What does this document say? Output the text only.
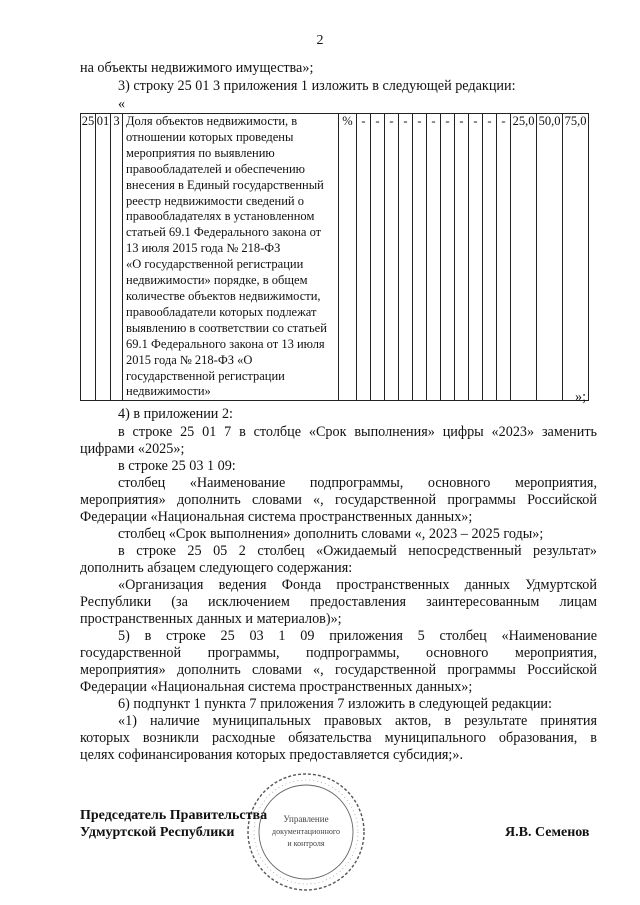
2
на объекты недвижимого имущества»;
3) строку 25 01 3 приложения 1 изложить в следующей редакции:
«
25	01	3	Доля объектов недвижимости, в
отношении которых проведены
мероприятия по выявлению
правообладателей и обеспечению
внесения в Единый государственный
реестр недвижимости сведений о
правообладателях в установленном
статьей 69.1 Федерального закона от
13 июля 2015 года № 218-ФЗ
«О государственной регистрации
недвижимости» порядке, в общем
количестве объектов недвижимости,
правообладатели которых подлежат
выявлению в соответствии со статьей
69.1 Федерального закона от 13 июля
2015 года № 218-ФЗ «О
государственной регистрации
недвижимости»	%	-	-	-	-	-	-	-	-	-	-	-	25,0	50,0	75,0
»;
4) в приложении 2:
в строке 25 01 7 в столбце «Срок выполнения» цифры «2023» заменить
цифрами «2025»;
в строке 25 03 1 09:
столбец «Наименование подпрограммы, основного мероприятия,
мероприятия» дополнить словами «, государственной программы Российской
Федерации «Национальная система пространственных данных»;
столбец «Срок выполнения» дополнить словами «, 2023 – 2025 годы»;
в строке 25 05 2 столбец «Ожидаемый непосредственный результат»
дополнить абзацем следующего содержания:
«Организация ведения Фонда пространственных данных Удмуртской
Республики (за исключением предоставления заинтересованным лицам
пространственных данных и материалов)»;
5) в строке 25 03 1 09 приложения 5 столбец «Наименование
государственной программы, подпрограммы, основного мероприятия,
мероприятия» дополнить словами «, государственной программы Российской
Федерации «Национальная система пространственных данных»;
6) подпункт 1 пункта 7 приложения 7 изложить в следующей редакции:
«1) наличие муниципальных правовых актов, в результате принятия
которых возникли расходные обязательства муниципального образования, в
целях софинансирования которых предоставляется субсидия;».
Управление
документационного
и контроля
Председатель Правительства
Удмуртской Республики	Я.В. Семенов
